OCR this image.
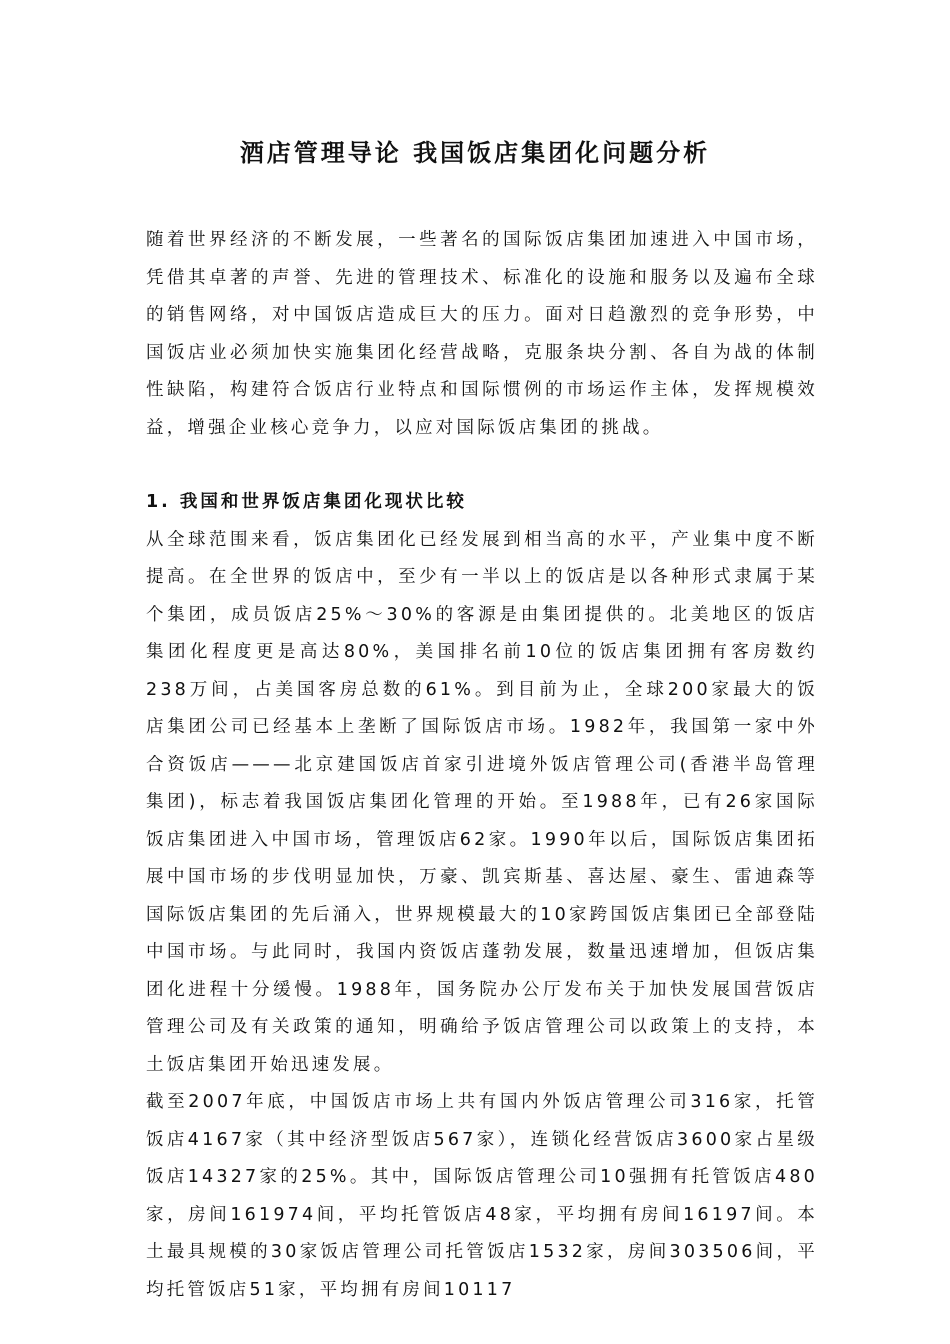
酒店管理导论 我国饭店集团化问题分析
随着世界经济的不断发展，一些著名的国际饭店集团加速进入中国市场，凭借其卓著的声誉、先进的管理技术、标准化的设施和服务以及遍布全球的销售网络，对中国饭店造成巨大的压力。面对日趋激烈的竞争形势，中国饭店业必须加快实施集团化经营战略，克服条块分割、各自为战的体制性缺陷，构建符合饭店行业特点和国际惯例的市场运作主体，发挥规模效益，增强企业核心竞争力，以应对国际饭店集团的挑战。
1. 我国和世界饭店集团化现状比较

从全球范围来看，饭店集团化已经发展到相当高的水平，产业集中度不断提高。在全世界的饭店中，至少有一半以上的饭店是以各种形式隶属于某个集团，成员饭店25%～30%的客源是由集团提供的。北美地区的饭店集团化程度更是高达80%，美国排名前10位的饭店集团拥有客房数约238万间，占美国客房总数的61%。到目前为止，全球200家最大的饭店集团公司已经基本上垄断了国际饭店市场。1982年，我国第一家中外合资饭店———北京建国饭店首家引进境外饭店管理公司(香港半岛管理集团)，标志着我国饭店集团化管理的开始。至1988年，已有26家国际饭店集团进入中国市场，管理饭店62家。1990年以后，国际饭店集团拓展中国市场的步伐明显加快，万豪、凯宾斯基、喜达屋、豪生、雷迪森等国际饭店集团的先后涌入，世界规模最大的10家跨国饭店集团已全部登陆中国市场。与此同时，我国内资饭店蓬勃发展，数量迅速增加，但饭店集团化进程十分缓慢。1988年，国务院办公厅发布关于加快发展国营饭店管理公司及有关政策的通知，明确给予饭店管理公司以政策上的支持，本土饭店集团开始迅速发展。

截至2007年底，中国饭店市场上共有国内外饭店管理公司316家，托管饭店4167家（其中经济型饭店567家），连锁化经营饭店3600家占星级饭店14327家的25%。其中，国际饭店管理公司10强拥有托管饭店480家，房间161974间，平均托管饭店48家，平均拥有房间16197间。本土最具规模的30家饭店管理公司托管饭店1532家，房间303506间，平均托管饭店51家，平均拥有房间10117
